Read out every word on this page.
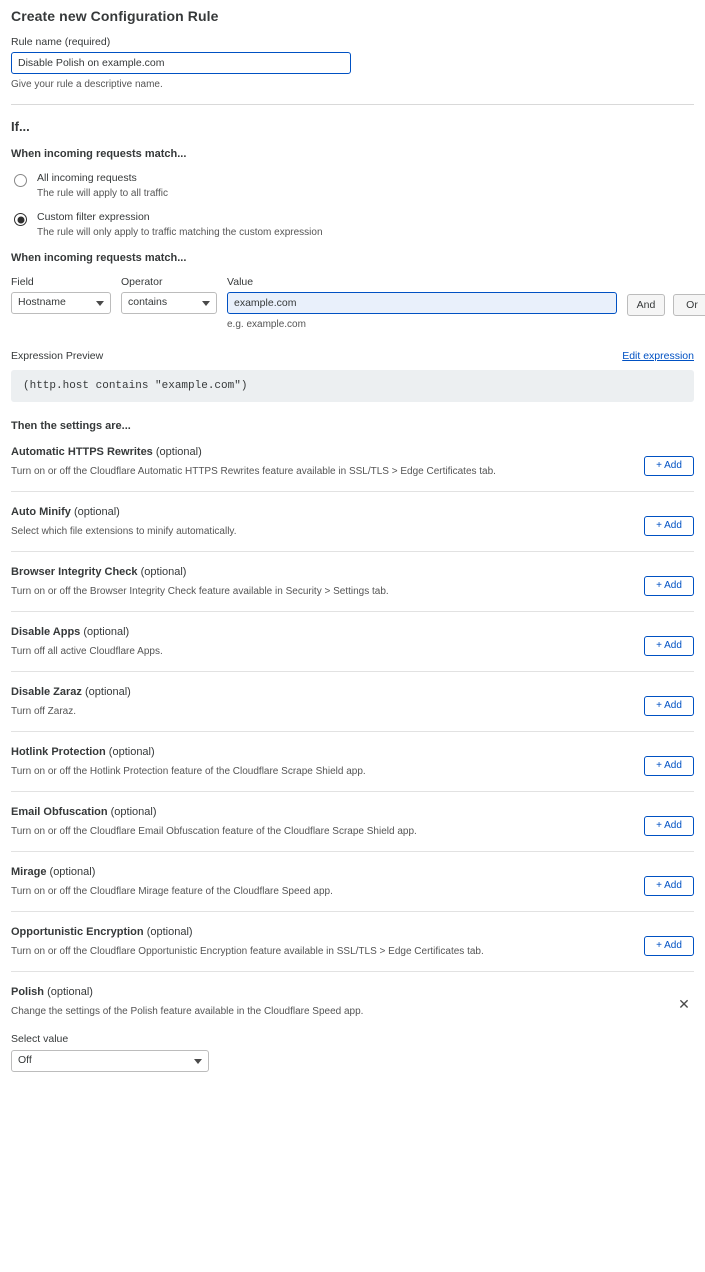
Create new Configuration Rule
Rule name (required)
Disable Polish on example.com
Give your rule a descriptive name.
If...
When incoming requests match...
All incoming requests
The rule will apply to all traffic
Custom filter expression
The rule will only apply to traffic matching the custom expression
When incoming requests match...
Field
Hostname
Operator
contains
Value
example.com
e.g. example.com
And	Or
Expression Preview	Edit expression
(http.host contains "example.com")
Then the settings are...
Automatic HTTPS Rewrites (optional)
Turn on or off the Cloudflare Automatic HTTPS Rewrites feature available in SSL/TLS > Edge Certificates tab.
+ Add
Auto Minify (optional)
Select which file extensions to minify automatically.
+ Add
Browser Integrity Check (optional)
Turn on or off the Browser Integrity Check feature available in Security > Settings tab.
+ Add
Disable Apps (optional)
Turn off all active Cloudflare Apps.
+ Add
Disable Zaraz (optional)
Turn off Zaraz.
+ Add
Hotlink Protection (optional)
Turn on or off the Hotlink Protection feature of the Cloudflare Scrape Shield app.
+ Add
Email Obfuscation (optional)
Turn on or off the Cloudflare Email Obfuscation feature of the Cloudflare Scrape Shield app.
+ Add
Mirage (optional)
Turn on or off the Cloudflare Mirage feature of the Cloudflare Speed app.
+ Add
Opportunistic Encryption (optional)
Turn on or off the Cloudflare Opportunistic Encryption feature available in SSL/TLS > Edge Certificates tab.
+ Add
Polish (optional)
Change the settings of the Polish feature available in the Cloudflare Speed app.	✕
Select value
Off
